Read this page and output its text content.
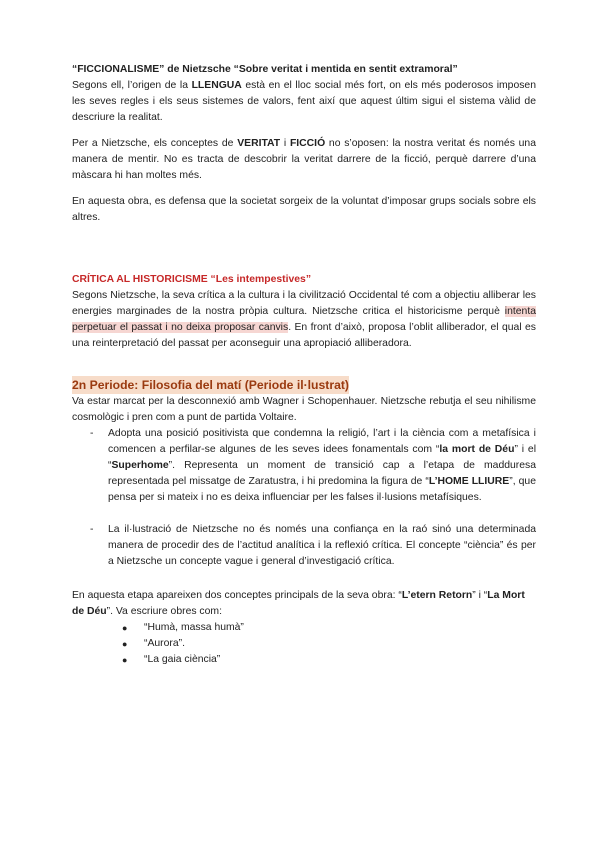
“FICCIONALISME” de Nietzsche “Sobre veritat i mentida en sentit extramoral”

Segons ell, l’origen de la LLENGUA està en el lloc social més fort, on els més poderosos imposen les seves regles i els seus sistemes de valors, fent així que aquest últim sigui el sistema vàlid de descriure la realitat.

Per a Nietzsche, els conceptes de VERITAT i FICCIÓ no s’oposen: la nostra veritat és només una manera de mentir. No es tracta de descobrir la veritat darrere de la ficció, perquè darrere d’una màscara hi han moltes més.

En aquesta obra, es defensa que la societat sorgeix de la voluntat d’imposar grups socials sobre els altres.

CRÍTICA AL HISTORICISME “Les intempestives”

Segons Nietzsche, la seva crítica a la cultura i la civilització Occidental té com a objectiu alliberar les energies marginades de la nostra pròpia cultura. Nietzsche critica el historicisme perquè intenta perpetuar el passat i no deixa proposar canvis. En front d’això, proposa l’oblit alliberador, el qual es una reinterpretació del passat per aconseguir una apropiació alliberadora.

2n Periode: Filosofia del matí (Periode il·lustrat)

Va estar marcat per la desconnexió amb Wagner i Schopenhauer. Nietzsche rebutja el seu nihilisme cosmològic i pren com a punt de partida Voltaire.

- Adopta una posició positivista que condemna la religió, l’art i la ciència com a metafísica i comencen a perfilar-se algunes de les seves idees fonamentals com “la mort de Déu” i el “Superhome”. Representa un moment de transició cap a l’etapa de madduresa representada pel missatge de Zaratustra, i hi predomina la figura de “L’HOME LLIURE”, que pensa per si mateix i no es deixa influenciar per les falses il·lusions metafísiques.
- La il·lustració de Nietzsche no és només una confiança en la raó sinó una determinada manera de procedir des de l’actitud analítica i la reflexió crítica. El concepte “ciència” és per a Nietzsche un concepte vague i general d’investigació crítica.

En aquesta etapa apareixen dos conceptes principals de la seva obra: “L’etern Retorn” i “La Mort de Déu”. Va escriure obres com:

● “Humà, massa humà”
● “Aurora”.
● “La gaia ciència”
